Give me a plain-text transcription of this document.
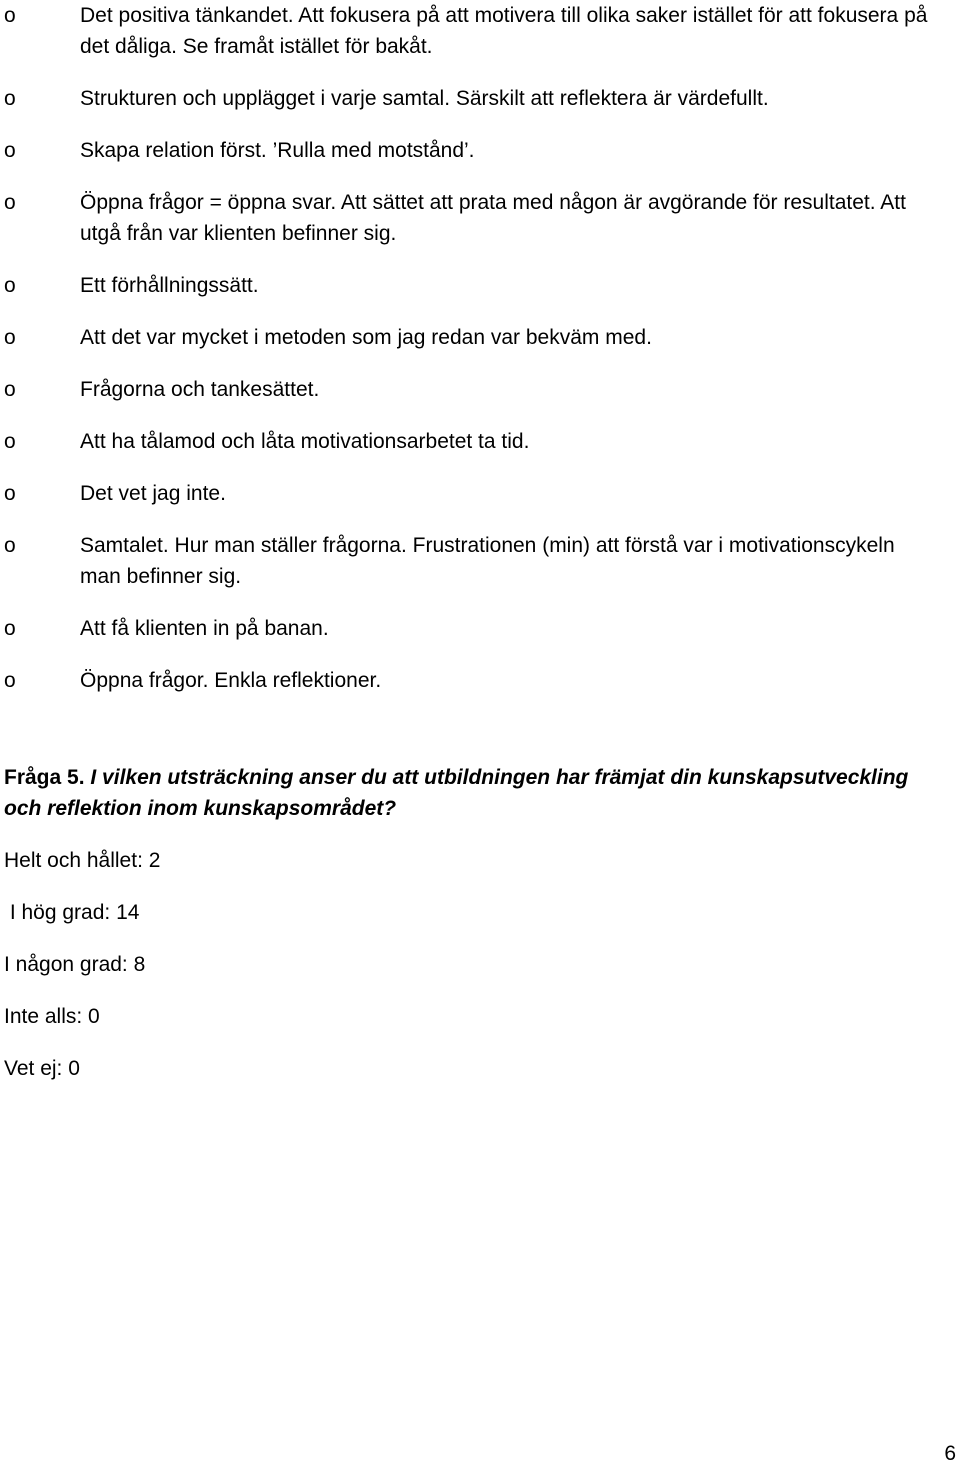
o	Det positiva tänkandet. Att fokusera på att motivera till olika saker istället för att fokusera på det dåliga. Se framåt istället för bakåt.
o	Strukturen och upplägget i varje samtal. Särskilt att reflektera är värdefullt.
o	Skapa relation först. ’Rulla med motstånd’.
o	Öppna frågor = öppna svar. Att sättet att prata med någon är avgörande för resultatet. Att utgå från var klienten befinner sig.
o	Ett förhållningssätt.
o	Att det var mycket i metoden som jag redan var bekväm med.
o	Frågorna och tankesättet.
o	Att ha tålamod och låta motivationsarbetet ta tid.
o	Det vet jag inte.
o	Samtalet. Hur man ställer frågorna. Frustrationen (min) att förstå var i motivationscykeln man befinner sig.
o	Att få klienten in på banan.
o	Öppna frågor. Enkla reflektioner.
Fråga 5. I vilken utsträckning anser du att utbildningen har främjat din kunskapsutveckling och reflektion inom kunskapsområdet?
Helt och hållet: 2
I hög grad: 14
I någon grad: 8
Inte alls: 0
Vet ej: 0
6
